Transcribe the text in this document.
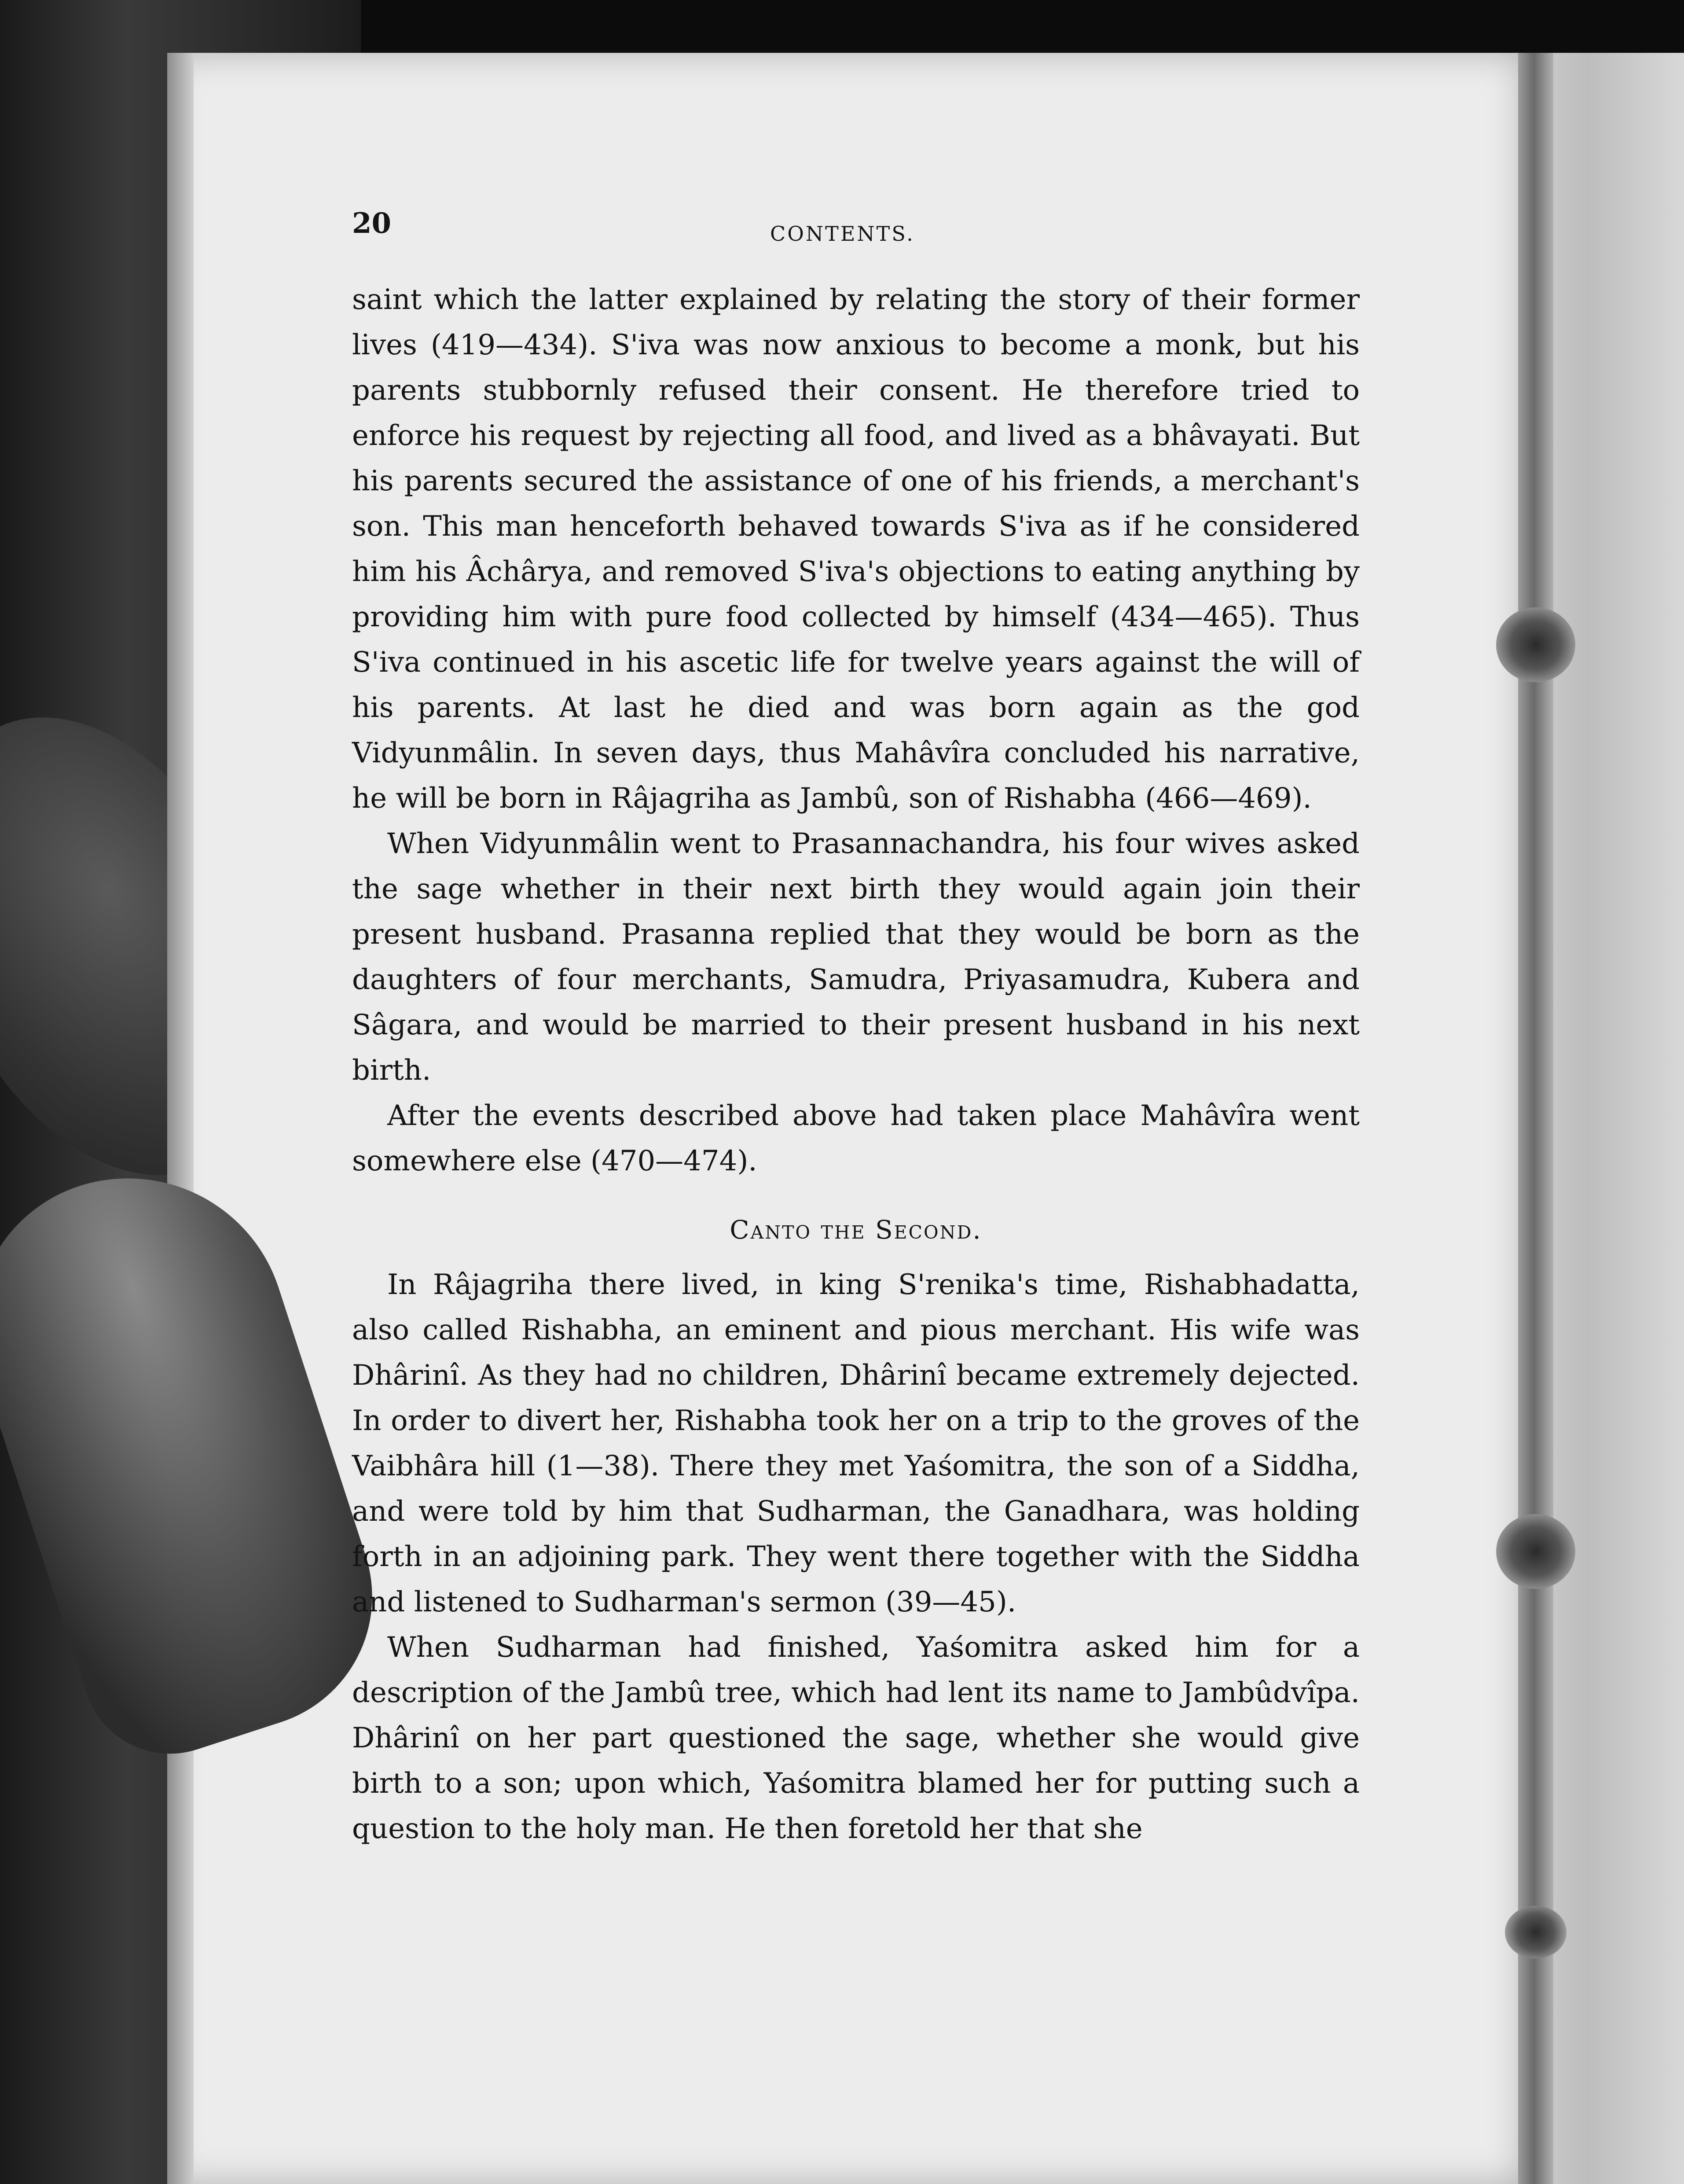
20	CONTENTS.

saint which the latter explained by relating the story of their former lives (419—434). S'iva was now anxious to become a monk, but his parents stubbornly refused their consent. He therefore tried to enforce his request by rejecting all food, and lived as a bhâvayati. But his parents secured the assistance of one of his friends, a merchant's son. This man henceforth behaved towards S'iva as if he considered him his Âchârya, and removed S'iva's objections to eating anything by providing him with pure food collected by himself (434—465). Thus S'iva continued in his ascetic life for twelve years against the will of his parents. At last he died and was born again as the god Vidyunmâlin. In seven days, thus Mahâvîra concluded his narrative, he will be born in Râjagriha as Jambû, son of Rishabha (466—469).

When Vidyunmâlin went to Prasannachandra, his four wives asked the sage whether in their next birth they would again join their present husband. Prasanna replied that they would be born as the daughters of four merchants, Samudra, Priyasamudra, Kubera and Sâgara, and would be married to their present husband in his next birth.

After the events described above had taken place Mahâvîra went somewhere else (470—474).

Canto the Second.

In Râjagriha there lived, in king S'renika's time, Rishabhadatta, also called Rishabha, an eminent and pious merchant. His wife was Dhârinî. As they had no children, Dhârinî became extremely dejected. In order to divert her, Rishabha took her on a trip to the groves of the Vaibhâra hill (1—38). There they met Yaśomitra, the son of a Siddha, and were told by him that Sudharman, the Ganadhara, was holding forth in an adjoining park. They went there together with the Siddha and listened to Sudharman's sermon (39—45).

When Sudharman had finished, Yaśomitra asked him for a description of the Jambû tree, which had lent its name to Jambûdvîpa. Dhârinî on her part questioned the sage, whether she would give birth to a son; upon which, Yaśomitra blamed her for putting such a question to the holy man. He then foretold her that she
